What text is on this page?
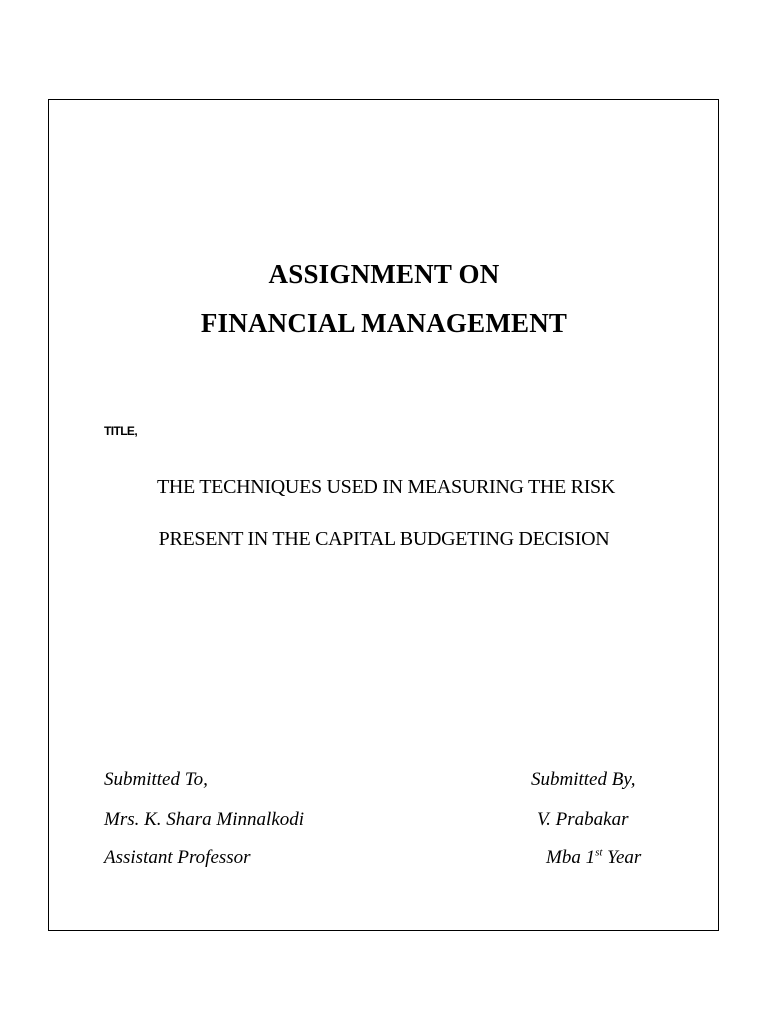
ASSIGNMENT ON
FINANCIAL MANAGEMENT
TITLE,
THE TECHNIQUES USED IN MEASURING THE RISK
PRESENT IN THE CAPITAL BUDGETING DECISION
Submitted To,
Mrs. K. Shara Minnalkodi
Assistant Professor
Submitted By,
V. Prabakar
Mba 1st Year
